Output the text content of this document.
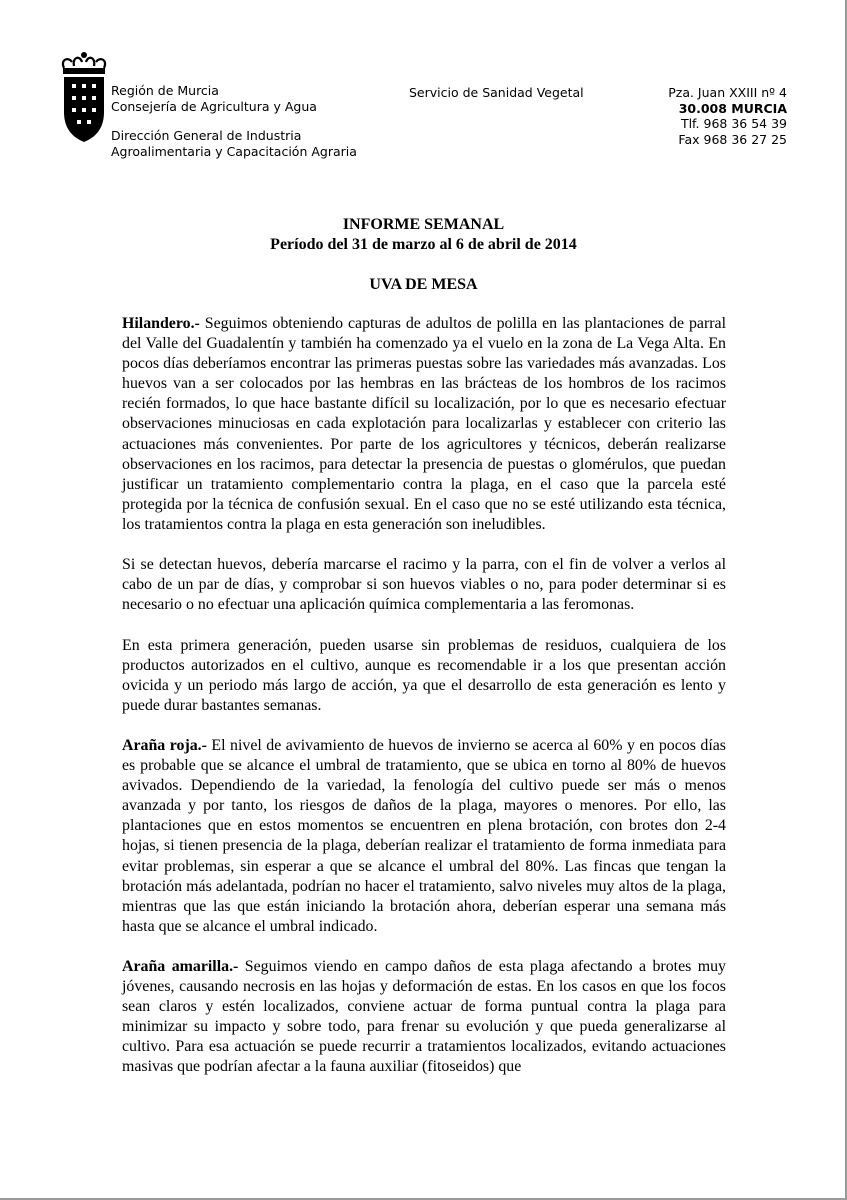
Región de Murcia
Consejería de Agricultura y Agua
Dirección General de Industria
Agroalimentaria y Capacitación Agraria
Servicio de Sanidad Vegetal	Pza. Juan XXIII nº 4
30.008 MURCIA
Tlf. 968 36 54 39
Fax 968 36 27 25
INFORME SEMANAL
Período del 31 de marzo al 6 de abril de 2014
UVA DE MESA

Hilandero.- Seguimos obteniendo capturas de adultos de polilla en las plantaciones de parral del Valle del Guadalentín y también ha comenzado ya el vuelo en la zona de La Vega Alta. En pocos días deberíamos encontrar las primeras puestas sobre las variedades más avanzadas. Los huevos van a ser colocados por las hembras en las brácteas de los hombros de los racimos recién formados, lo que hace bastante difícil su localización, por lo que es necesario efectuar observaciones minuciosas en cada explotación para localizarlas y establecer con criterio las actuaciones más convenientes. Por parte de los agricultores y técnicos, deberán realizarse observaciones en los racimos, para detectar la presencia de puestas o glomérulos, que puedan justificar un tratamiento complementario contra la plaga, en el caso que la parcela esté protegida por la técnica de confusión sexual. En el caso que no se esté utilizando esta técnica, los tratamientos contra la plaga en esta generación son ineludibles.

Si se detectan huevos, debería marcarse el racimo y la parra, con el fin de volver a verlos al cabo de un par de días, y comprobar si son huevos viables o no, para poder determinar si es necesario o no efectuar una aplicación química complementaria a las feromonas.

En esta primera generación, pueden usarse sin problemas de residuos, cualquiera de los productos autorizados en el cultivo, aunque es recomendable ir a los que presentan acción ovicida y un periodo más largo de acción, ya que el desarrollo de esta generación es lento y puede durar bastantes semanas.

Araña roja.- El nivel de avivamiento de huevos de invierno se acerca al 60% y en pocos días es probable que se alcance el umbral de tratamiento, que se ubica en torno al 80% de huevos avivados. Dependiendo de la variedad, la fenología del cultivo puede ser más o menos avanzada y por tanto, los riesgos de daños de la plaga, mayores o menores. Por ello, las plantaciones que en estos momentos se encuentren en plena brotación, con brotes don 2-4 hojas, si tienen presencia de la plaga, deberían realizar el tratamiento de forma inmediata para evitar problemas, sin esperar a que se alcance el umbral del 80%. Las fincas que tengan la brotación más adelantada, podrían no hacer el tratamiento, salvo niveles muy altos de la plaga, mientras que las que están iniciando la brotación ahora, deberían esperar una semana más hasta que se alcance el umbral indicado.

Araña amarilla.- Seguimos viendo en campo daños de esta plaga afectando a brotes muy jóvenes, causando necrosis en las hojas y deformación de estas. En los casos en que los focos sean claros y estén localizados, conviene actuar de forma puntual contra la plaga para minimizar su impacto y sobre todo, para frenar su evolución y que pueda generalizarse al cultivo. Para esa actuación se puede recurrir a tratamientos localizados, evitando actuaciones masivas que podrían afectar a la fauna auxiliar (fitoseidos) que
